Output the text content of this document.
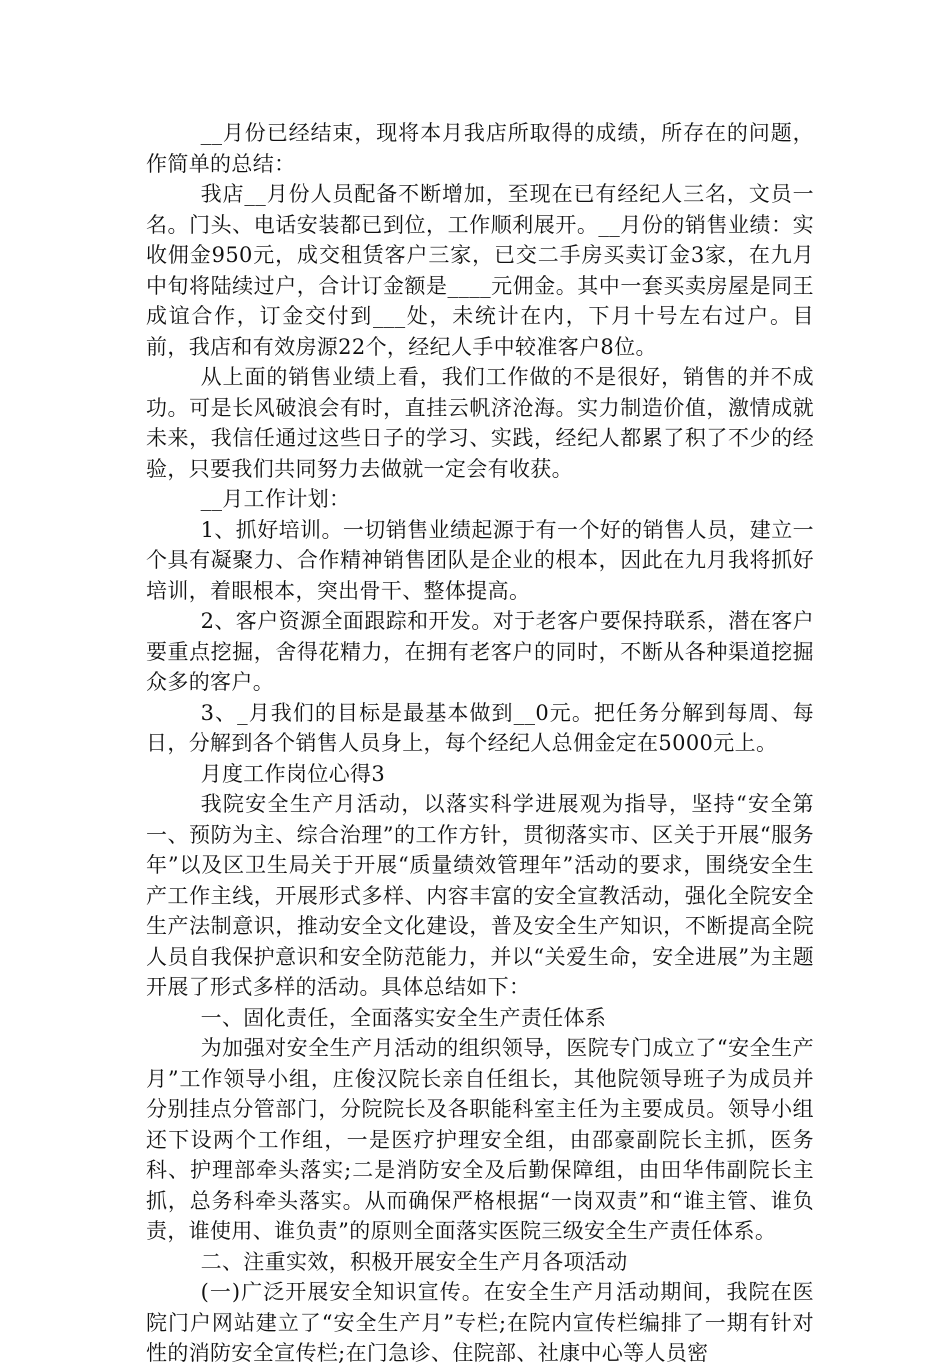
__月份已经结束，现将本月我店所取得的成绩，所存在的问题，作简单的总结：

我店__月份人员配备不断增加，至现在已有经纪人三名，文员一名。门头、电话安装都已到位，工作顺利展开。__月份的销售业绩：实收佣金950元，成交租赁客户三家，已交二手房买卖订金3家，在九月中旬将陆续过户，合计订金额是____元佣金。其中一套买卖房屋是同王成谊合作，订金交付到___处，未统计在内，下月十号左右过户。目前，我店和有效房源22个，经纪人手中较准客户8位。

从上面的销售业绩上看，我们工作做的不是很好，销售的并不成功。可是长风破浪会有时，直挂云帆济沧海。实力制造价值，激情成就未来，我信任通过这些日子的学习、实践，经纪人都累了积了不少的经验，只要我们共同努力去做就一定会有收获。

__月工作计划：

1、抓好培训。一切销售业绩起源于有一个好的销售人员，建立一个具有凝聚力、合作精神销售团队是企业的根本，因此在九月我将抓好培训，着眼根本，突出骨干、整体提高。

2、客户资源全面跟踪和开发。对于老客户要保持联系，潜在客户要重点挖掘，舍得花精力，在拥有老客户的同时，不断从各种渠道挖掘众多的客户。

3、_月我们的目标是最基本做到__0元。把任务分解到每周、每日，分解到各个销售人员身上，每个经纪人总佣金定在5000元上。

月度工作岗位心得3

我院安全生产月活动，以落实科学进展观为指导，坚持“安全第一、预防为主、综合治理”的工作方针，贯彻落实市、区关于开展“服务年”以及区卫生局关于开展“质量绩效管理年”活动的要求，围绕安全生产工作主线，开展形式多样、内容丰富的安全宣教活动，强化全院安全生产法制意识，推动安全文化建设，普及安全生产知识，不断提高全院人员自我保护意识和安全防范能力，并以“关爱生命，安全进展”为主题开展了形式多样的活动。具体总结如下：

一、固化责任，全面落实安全生产责任体系

为加强对安全生产月活动的组织领导，医院专门成立了“安全生产月”工作领导小组，庄俊汉院长亲自任组长，其他院领导班子为成员并分别挂点分管部门，分院院长及各职能科室主任为主要成员。领导小组还下设两个工作组，一是医疗护理安全组，由邵豪副院长主抓，医务科、护理部牵头落实;二是消防安全及后勤保障组，由田华伟副院长主抓，总务科牵头落实。从而确保严格根据“一岗双责”和“谁主管、谁负责，谁使用、谁负责”的原则全面落实医院三级安全生产责任体系。

二、注重实效，积极开展安全生产月各项活动

(一)广泛开展安全知识宣传。在安全生产月活动期间，我院在医院门户网站建立了“安全生产月”专栏;在院内宣传栏编排了一期有针对性的消防安全宣传栏;在门急诊、住院部、社康中心等人员密
